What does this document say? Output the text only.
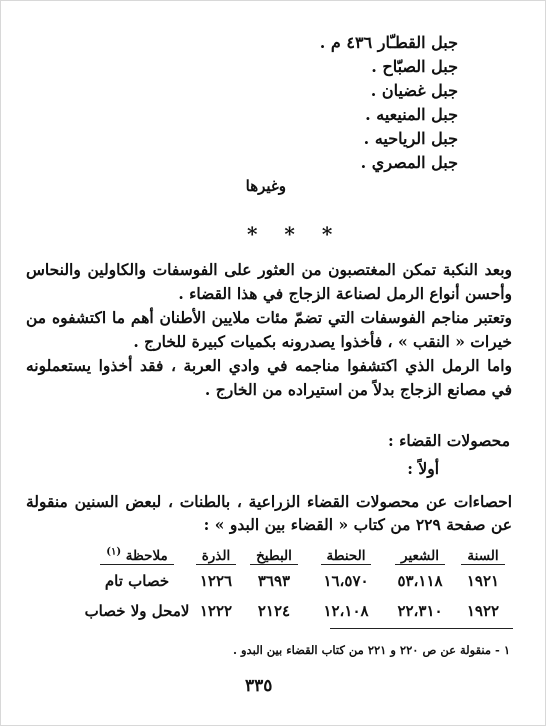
جبل القطـّار ٤٣٦ م .
جبل الصبّاح .
جبل غضيان .
جبل المنيعيه .
جبل الرياحيه .
جبل المصري .
وغيرها
* * *
وبعد النكبة تمكن المغتصبون من العثور على الفوسفات والكاولين والنحاس وأحسن أنواع الرمل لصناعة الزجاج في هذا القضاء .
وتعتبر مناجم الفوسفات التي تضمّ مئات ملايين الأطنان أهم ما اكتشفوه من خيرات « النقب » ، فأخذوا يصدرونه بكميات كبيرة للخارج .
واما الرمل الذي اكتشفوا مناجمه في وادي العربة ، فقد أخذوا يستعملونه في مصانع الزجاج بدلاً من استيراده من الخارج .
محصولات القضاء :
أولاً :
احصاءات عن محصولات القضاء الزراعية ، بالطنات ، لبعض السنين منقولة عن صفحة ٢٢٩ من كتاب « القضاء بين البدو » :
السنة	الشعير	الحنطة	البطيخ	الذرة	ملاحظة $^{(١)}$
١٩٢١	٥٣،١١٨	١٦،٥٧٠	٣٦٩٣	١٢٢٦	خصاب تام
١٩٢٢	٢٢،٣١٠	١٢،١٠٨	٢١٢٤	١٢٢٢	لامحل ولا خصاب
١ - منقولة عن ص ٢٢٠ و ٢٢١ من كتاب القضاء بين البدو .
٣٣٥
